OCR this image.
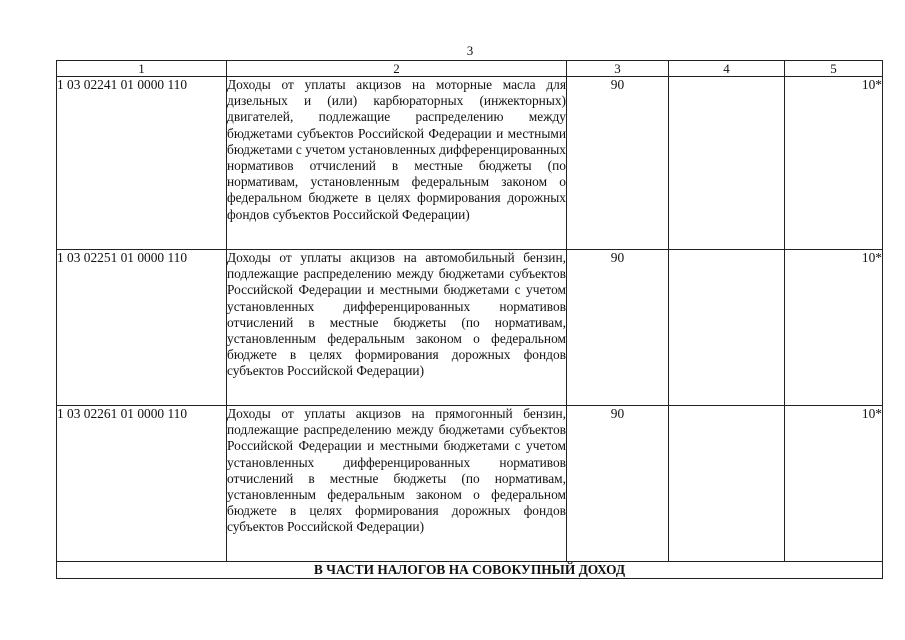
3
1	2	3	4	5
1 03 02241 01 0000 110	Доходы от уплаты акцизов на моторные масла для дизельных и (или) карбюраторных (инжекторных) двигателей, подлежащие распределению между бюджетами субъектов Российской Федерации и местными бюджетами с учетом установленных дифференцированных нормативов отчислений в местные бюджеты (по нормативам, установленным федеральным законом о федеральном бюджете в целях формирования дорожных фондов субъектов Российской Федерации)	90		10*
1 03 02251 01 0000 110	Доходы от уплаты акцизов на автомобильный бензин, подлежащие распределению между бюджетами субъектов Российской Федерации и местными бюджетами с учетом установленных дифференцированных нормативов отчислений в местные бюджеты (по нормативам, установленным федеральным законом о федеральном бюджете в целях формирования дорожных фондов субъектов Российской Федерации)	90		10*
1 03 02261 01 0000 110	Доходы от уплаты акцизов на прямогонный бензин, подлежащие распределению между бюджетами субъектов Российской Федерации и местными бюджетами с учетом установленных дифференцированных нормативов отчислений в местные бюджеты (по нормативам, установленным федеральным законом о федеральном бюджете в целях формирования дорожных фондов субъектов Российской Федерации)	90		10*
В ЧАСТИ НАЛОГОВ НА СОВОКУПНЫЙ ДОХОД				
